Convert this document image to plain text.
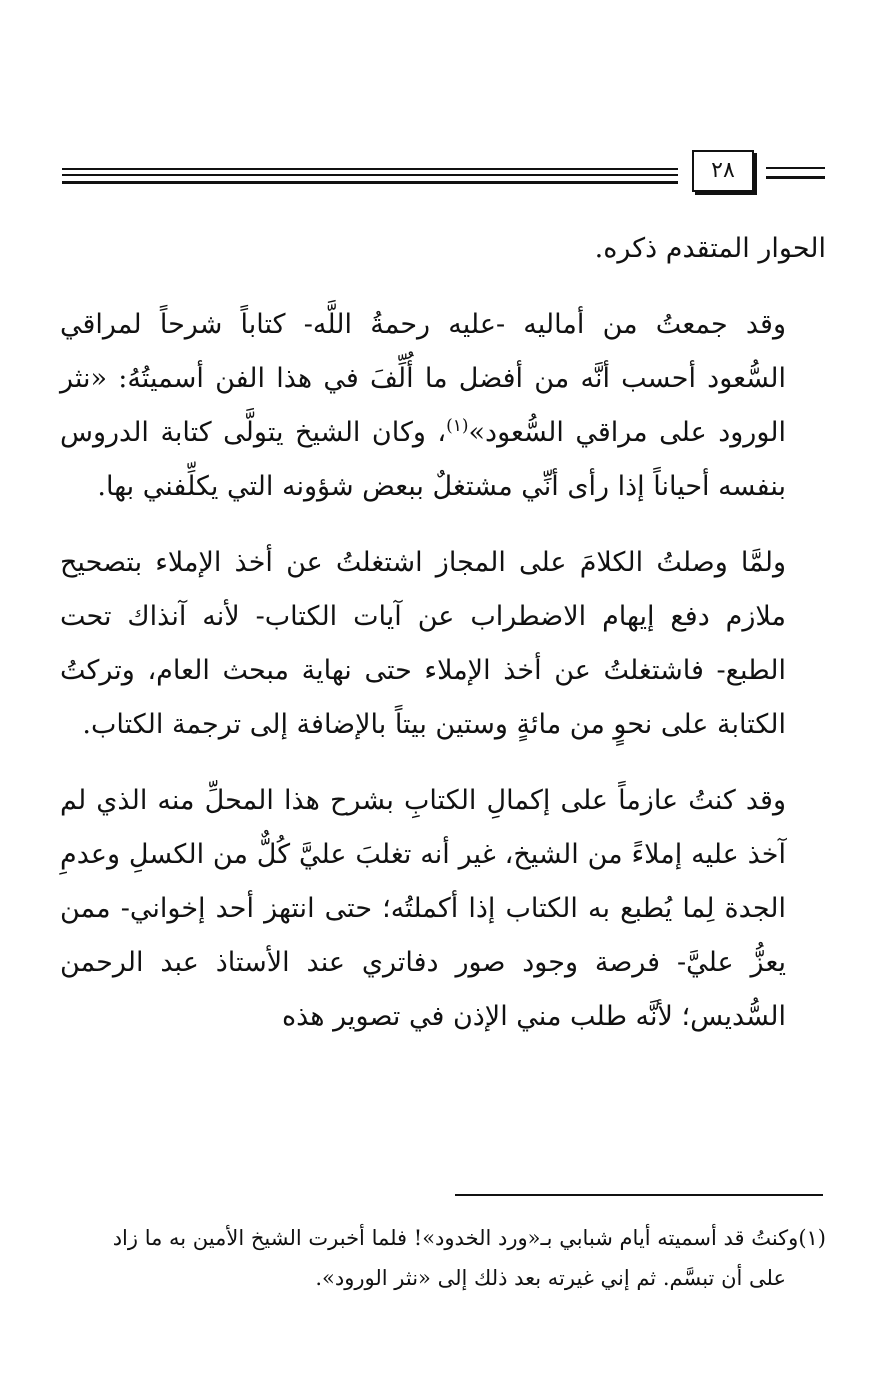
٢٨

الحوار المتقدم ذكره.

وقد جمعتُ من أماليه -عليه رحمةُ اللَّه- كتاباً شرحاً لمراقي السُّعود أحسب أنَّه من أفضل ما أُلِّفَ في هذا الفن أسميتُهُ: «نثر الورود على مراقي السُّعود»$^{(١)}$، وكان الشيخ يتولَّى كتابة الدروس بنفسه أحياناً إذا رأى أنِّي مشتغلٌ ببعض شؤونه التي يكلِّفني بها.

ولمَّا وصلتُ الكلامَ على المجاز اشتغلتُ عن أخذ الإملاء بتصحيح ملازم دفع إيهام الاضطراب عن آيات الكتاب- لأنه آنذاك تحت الطبع- فاشتغلتُ عن أخذ الإملاء حتى نهاية مبحث العام، وتركتُ الكتابة على نحوٍ من مائةٍ وستين بيتاً بالإضافة إلى ترجمة الكتاب.

وقد كنتُ عازماً على إكمالِ الكتابِ بشرح هذا المحلِّ منه الذي لم آخذ عليه إملاءً من الشيخ، غير أنه تغلبَ عليَّ كُلٌّ من الكسلِ وعدمِ الجدة لِما يُطبع به الكتاب إذا أكملتُه؛ حتى انتهز أحد إخواني- ممن يعزُّ عليَّ- فرصة وجود صور دفاتري عند الأستاذ عبد الرحمن السُّديس؛ لأنَّه طلب مني الإذن في تصوير هذه

(١)وكنتُ قد أسميته أيام شبابي بـ«ورد الخدود»! فلما أخبرت الشيخ الأمين به ما زاد

على أن تبسَّم. ثم إني غيرته بعد ذلك إلى «نثر الورود».
